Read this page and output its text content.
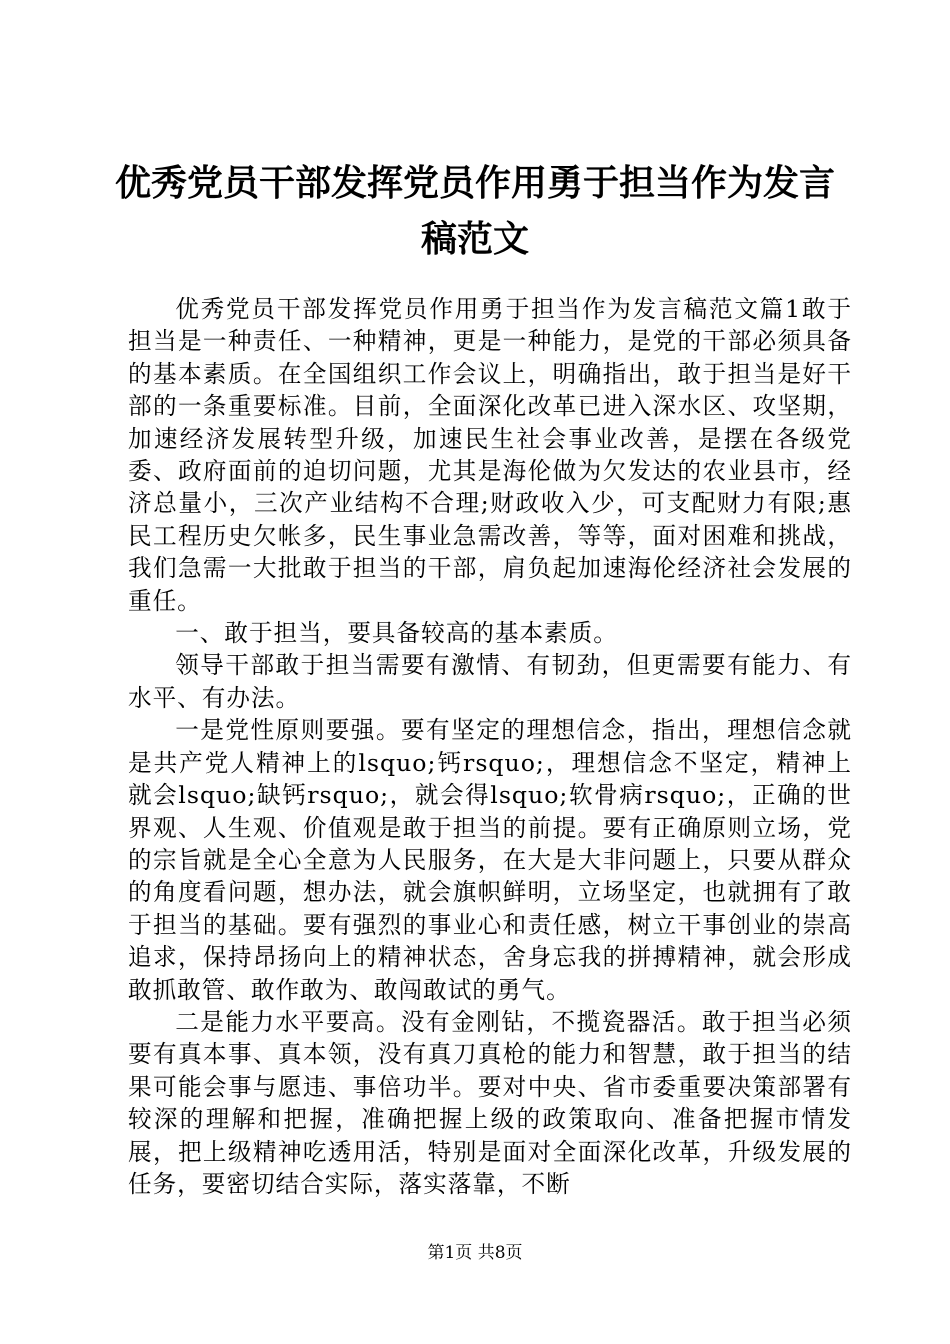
优秀党员干部发挥党员作用勇于担当作为发言
稿范文

优秀党员干部发挥党员作用勇于担当作为发言稿范文篇1敢于担当是一种责任、一种精神，更是一种能力，是党的干部必须具备的基本素质。在全国组织工作会议上，明确指出，敢于担当是好干部的一条重要标准。目前，全面深化改革已进入深水区、攻坚期，加速经济发展转型升级，加速民生社会事业改善，是摆在各级党委、政府面前的迫切问题，尤其是海伦做为欠发达的农业县市，经济总量小，三次产业结构不合理;财政收入少，可支配财力有限;惠民工程历史欠帐多，民生事业急需改善，等等，面对困难和挑战，我们急需一大批敢于担当的干部，肩负起加速海伦经济社会发展的重任。

一、敢于担当，要具备较高的基本素质。

领导干部敢于担当需要有激情、有韧劲，但更需要有能力、有水平、有办法。

一是党性原则要强。要有坚定的理想信念，指出，理想信念就是共产党人精神上的lsquo;钙rsquo;，理想信念不坚定，精神上就会lsquo;缺钙rsquo;，就会得lsquo;软骨病rsquo;，正确的世界观、人生观、价值观是敢于担当的前提。要有正确原则立场，党的宗旨就是全心全意为人民服务，在大是大非问题上，只要从群众的角度看问题，想办法，就会旗帜鲜明，立场坚定，也就拥有了敢于担当的基础。要有强烈的事业心和责任感，树立干事创业的崇高追求，保持昂扬向上的精神状态，舍身忘我的拼搏精神，就会形成敢抓敢管、敢作敢为、敢闯敢试的勇气。

二是能力水平要高。没有金刚钻，不揽瓷器活。敢于担当必须要有真本事、真本领，没有真刀真枪的能力和智慧，敢于担当的结果可能会事与愿违、事倍功半。要对中央、省市委重要决策部署有较深的理解和把握，准确把握上级的政策取向、准备把握市情发展，把上级精神吃透用活，特别是面对全面深化改革，升级发展的任务，要密切结合实际，落实落靠，不断

第1页 共8页
